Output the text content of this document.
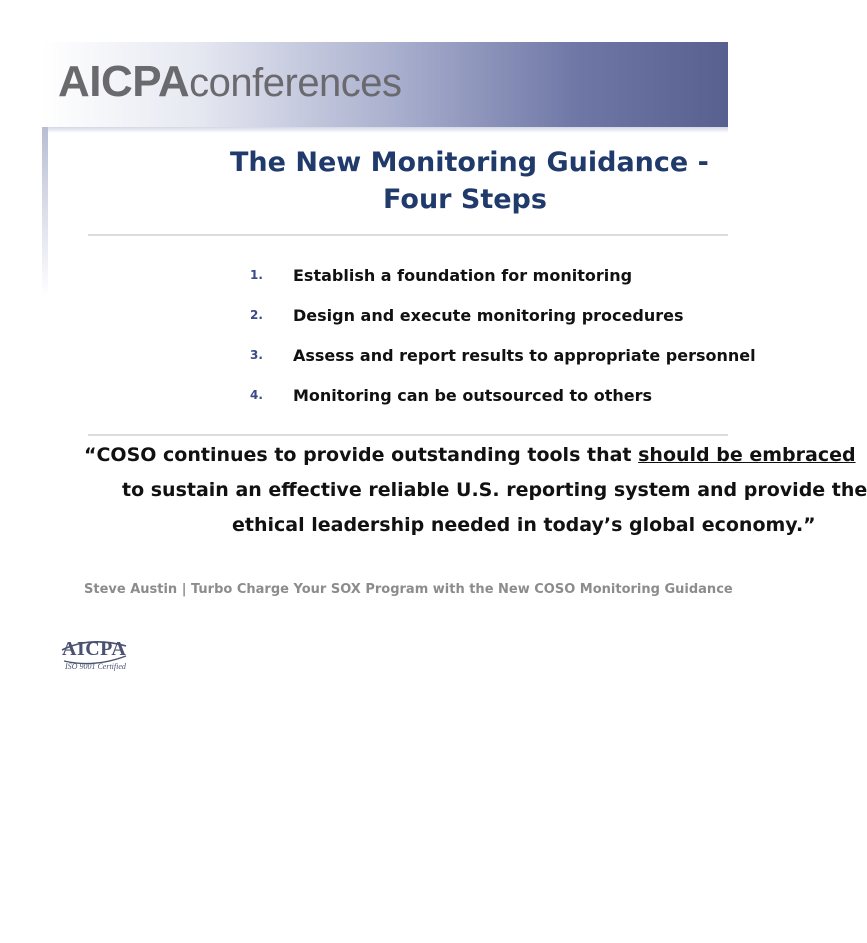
AICPAconferences
The New Monitoring Guidance -
Four Steps
1. Establish a foundation for monitoring
2. Design and execute monitoring procedures
3. Assess and report results to appropriate personnel
4. Monitoring can be outsourced to others
“COSO continues to provide outstanding tools that should be embraced
to sustain an effective reliable U.S. reporting system and provide the
ethical leadership needed in today’s global economy.”
Steve Austin | Turbo Charge Your SOX Program with the New COSO Monitoring Guidance
AICPA
ISO 9001 Certified
